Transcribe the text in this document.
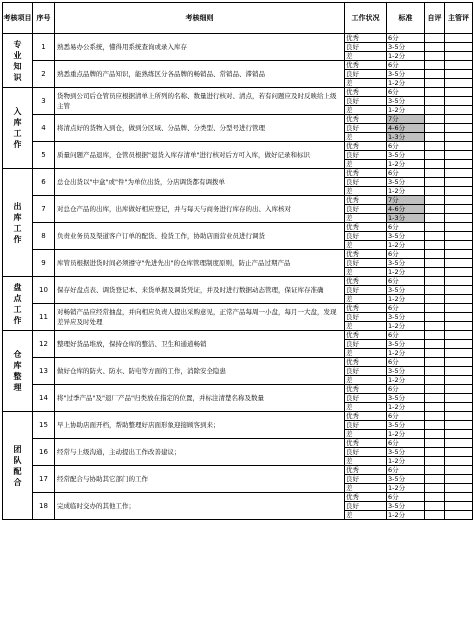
考核项目	序号	考核细则	工作状况	标准	自评	主管评

专业知识	1	熟悉易办公系统，懂得用系统查询或录入库存	优秀	6分		
			良好	3-5分		
			差	1-2分		
	2	熟悉重点品牌的产品知识，能熟练区分各品牌的畅销品、常销品、滞销品	优秀	6分		
			良好	3-5分		
			差	1-2分		

入库工作	3	货物到公司后仓管员应根据清单上所列的名称、数量进行核对、清点，若有问题应及时反映给上级主管	优秀	6分		
			良好	3-5分		
			差	1-2分		
	4	将清点好的货物入到仓，做到分区域、分品牌、分类型、分型号进行管理	优秀	7分		
			良好	4-6分		
			差	1-3分		
	5	质量问题产品退库，仓管员根据"退货入库存清单"进行核对后方可入库，做好记录和标识	优秀	6分		
			良好	3-5分		
			差	1-2分		

出库工作	6	总仓出货以"中盒"或"件"为单位出货，分店调货都有调拨单	优秀	6分		
			良好	3-5分		
			差	1-2分		
	7	对总仓产品的出库，出库做好相应登记，并与每天与商务进行库存的出、入库核对	优秀	7分		
			良好	4-6分		
			差	1-3分		
	8	负责业务员及渠道客户订单的配货、捡货工作，协助店面营业员进行调货	优秀	6分		
			良好	3-5分		
			差	1-2分		
	9	库管员根据进货时间必须遵守"先进先出"的仓库管理制度原则，防止产品过期产品	优秀	6分		
			良好	3-5分		
			差	1-2分		

盘点工作	10	保存好盘点表、调货登记本、来货单据及调货凭证，并及时进行数据动态管理，保证库存准确	优秀	6分		
			良好	3-5分		
			差	1-2分		
	11	对畅销产品应经常抽盘，并向相应负责人提出采购意见，正常产品每周一小盘，每月一大盘，发现差异应及时处理	优秀	6分		
			良好	3-5分		
			差	1-2分		

仓库整理	12	整理好货品堆放，保持仓库的整洁、卫生和通道畅销	优秀	6分		
			良好	3-5分		
			差	1-2分		
	13	做好仓库的防火、防水、防电等方面的工作，消除安全隐患	优秀	6分		
			良好	3-5分		
			差	1-2分		
	14	将"过季产品"及"退厂产品"归类放在指定的位置，并标注清楚名称及数量	优秀	6分		
			良好	3-5分		
			差	1-2分		

团队配合	15	早上协助店面开档，帮助整理好店面形象迎接顾客到来；	优秀	6分		
			良好	3-5分		
			差	1-2分		
	16	经常与上级沟通，主动提出工作改善建议；	优秀	6分		
			良好	3-5分		
			差	1-2分		
	17	经常配合与协助其它部门的工作	优秀	6分		
			良好	3-5分		
			差	1-2分		
	18	完成临时交办的其他工作；	优秀	6分		
			良好	3-5分		
			差	1-2分		
